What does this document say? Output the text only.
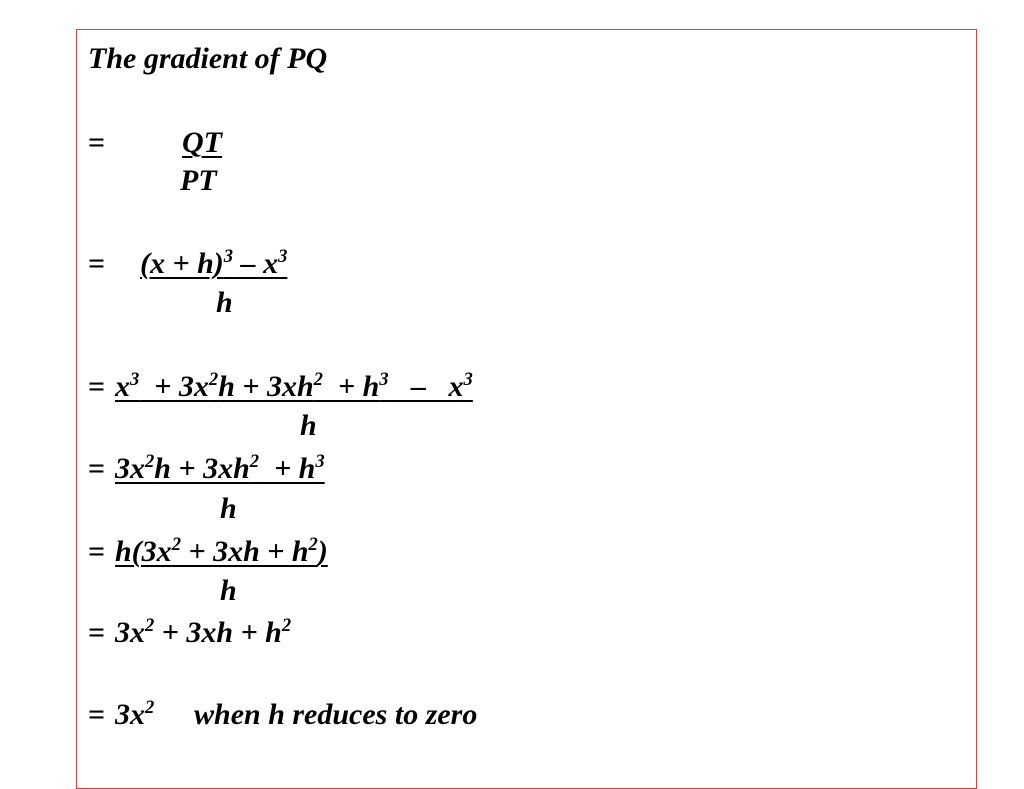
The gradient of PQ
=	QT
PT
= $(x + h)^3 - x^3$
h
= $x^3 + 3x^2h + 3xh^2 + h^3 - x^3$
h
= $3x^2h + 3xh^2 + h^3$
h
= $h(3x^2 + 3xh + h^2)$
h
= $3x^2 + 3xh + h^2$
= $3x^2$ when h reduces to zero
